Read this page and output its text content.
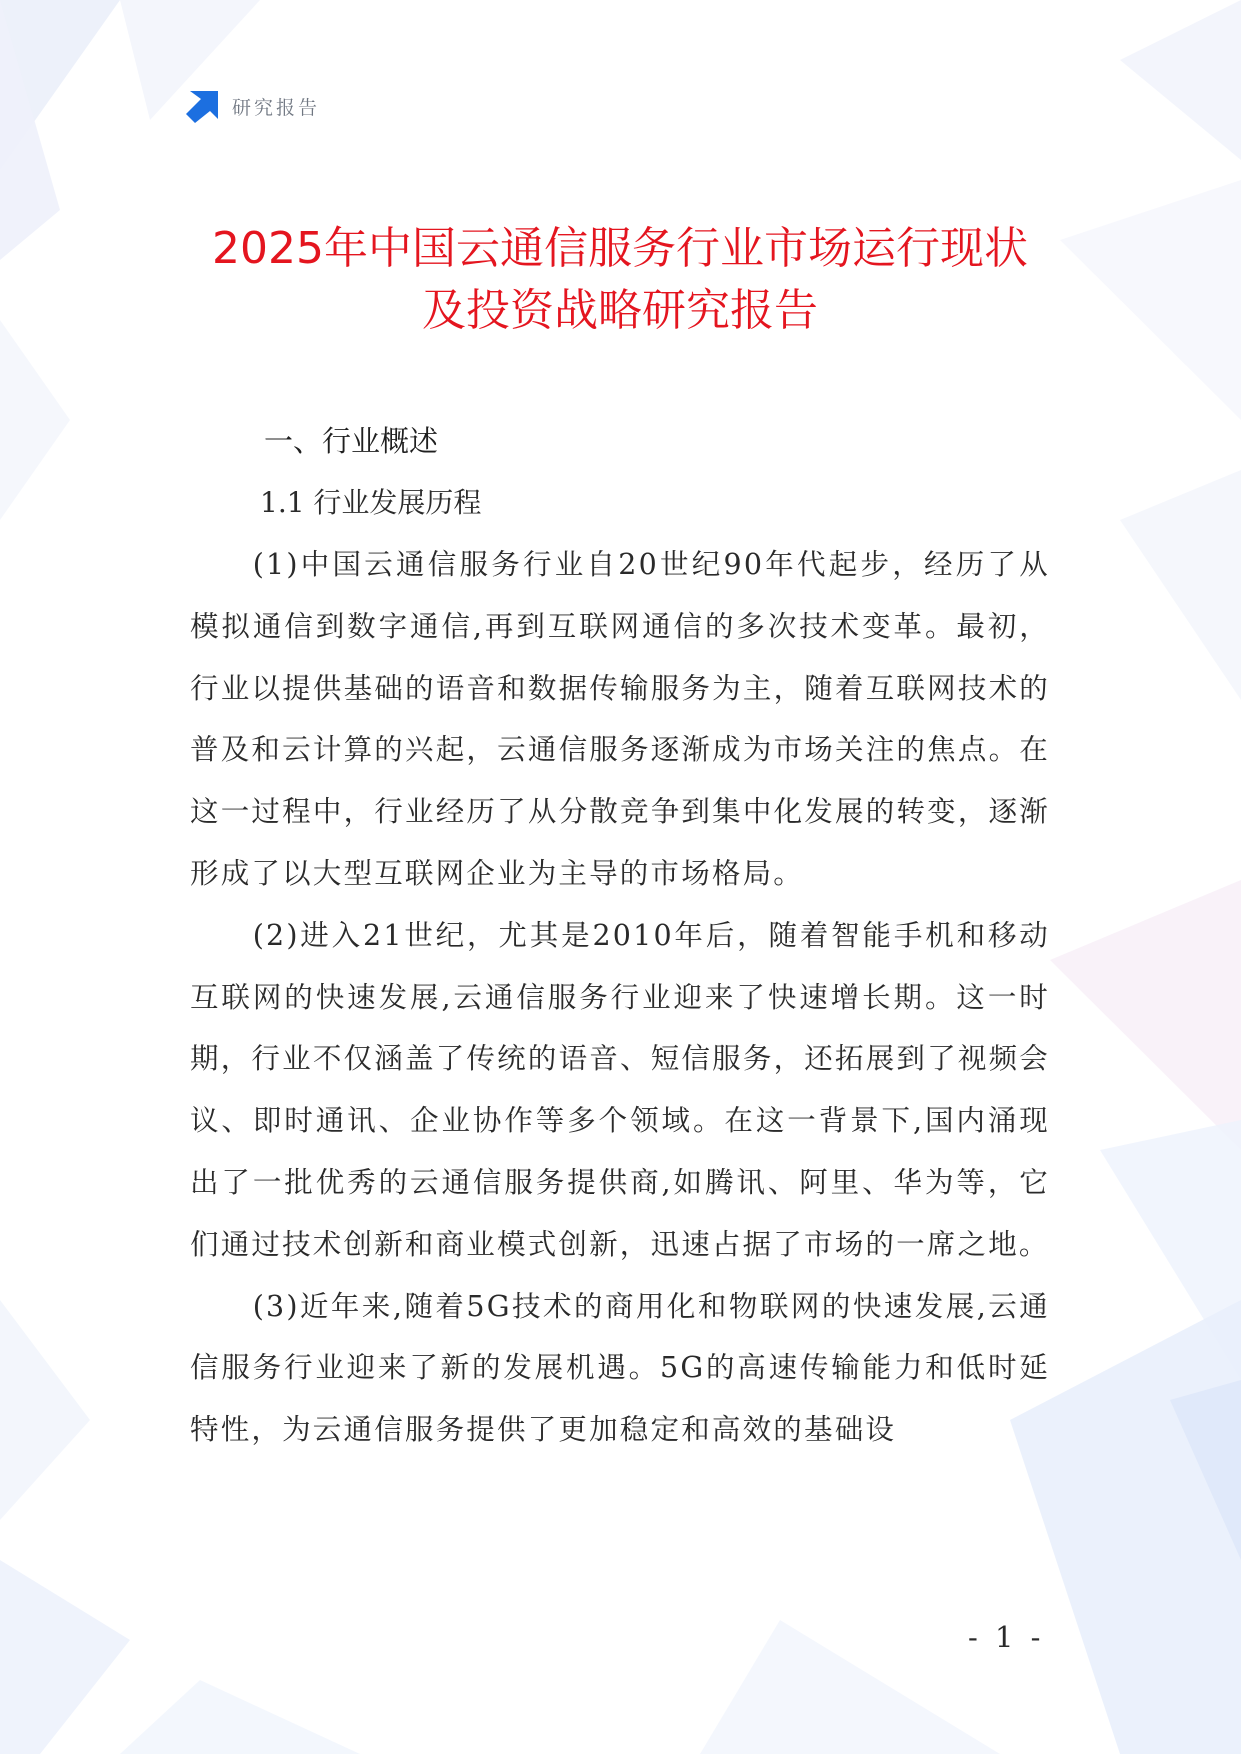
研究报告
2025年中国云通信服务行业市场运行现状
及投资战略研究报告
一、行业概述
1.1 行业发展历程

(1)中国云通信服务行业自20世纪90年代起步，经历了从模拟通信到数字通信,再到互联网通信的多次技术变革。最初，行业以提供基础的语音和数据传输服务为主，随着互联网技术的普及和云计算的兴起，云通信服务逐渐成为市场关注的焦点。在这一过程中，行业经历了从分散竞争到集中化发展的转变，逐渐形成了以大型互联网企业为主导的市场格局。

(2)进入21世纪，尤其是2010年后，随着智能手机和移动互联网的快速发展,云通信服务行业迎来了快速增长期。这一时期，行业不仅涵盖了传统的语音、短信服务，还拓展到了视频会议、即时通讯、企业协作等多个领域。在这一背景下,国内涌现出了一批优秀的云通信服务提供商,如腾讯、阿里、华为等，它们通过技术创新和商业模式创新，迅速占据了市场的一席之地。

(3)近年来,随着5G技术的商用化和物联网的快速发展,云通信服务行业迎来了新的发展机遇。5G的高速传输能力和低时延特性，为云通信服务提供了更加稳定和高效的基础设

- 1 -
